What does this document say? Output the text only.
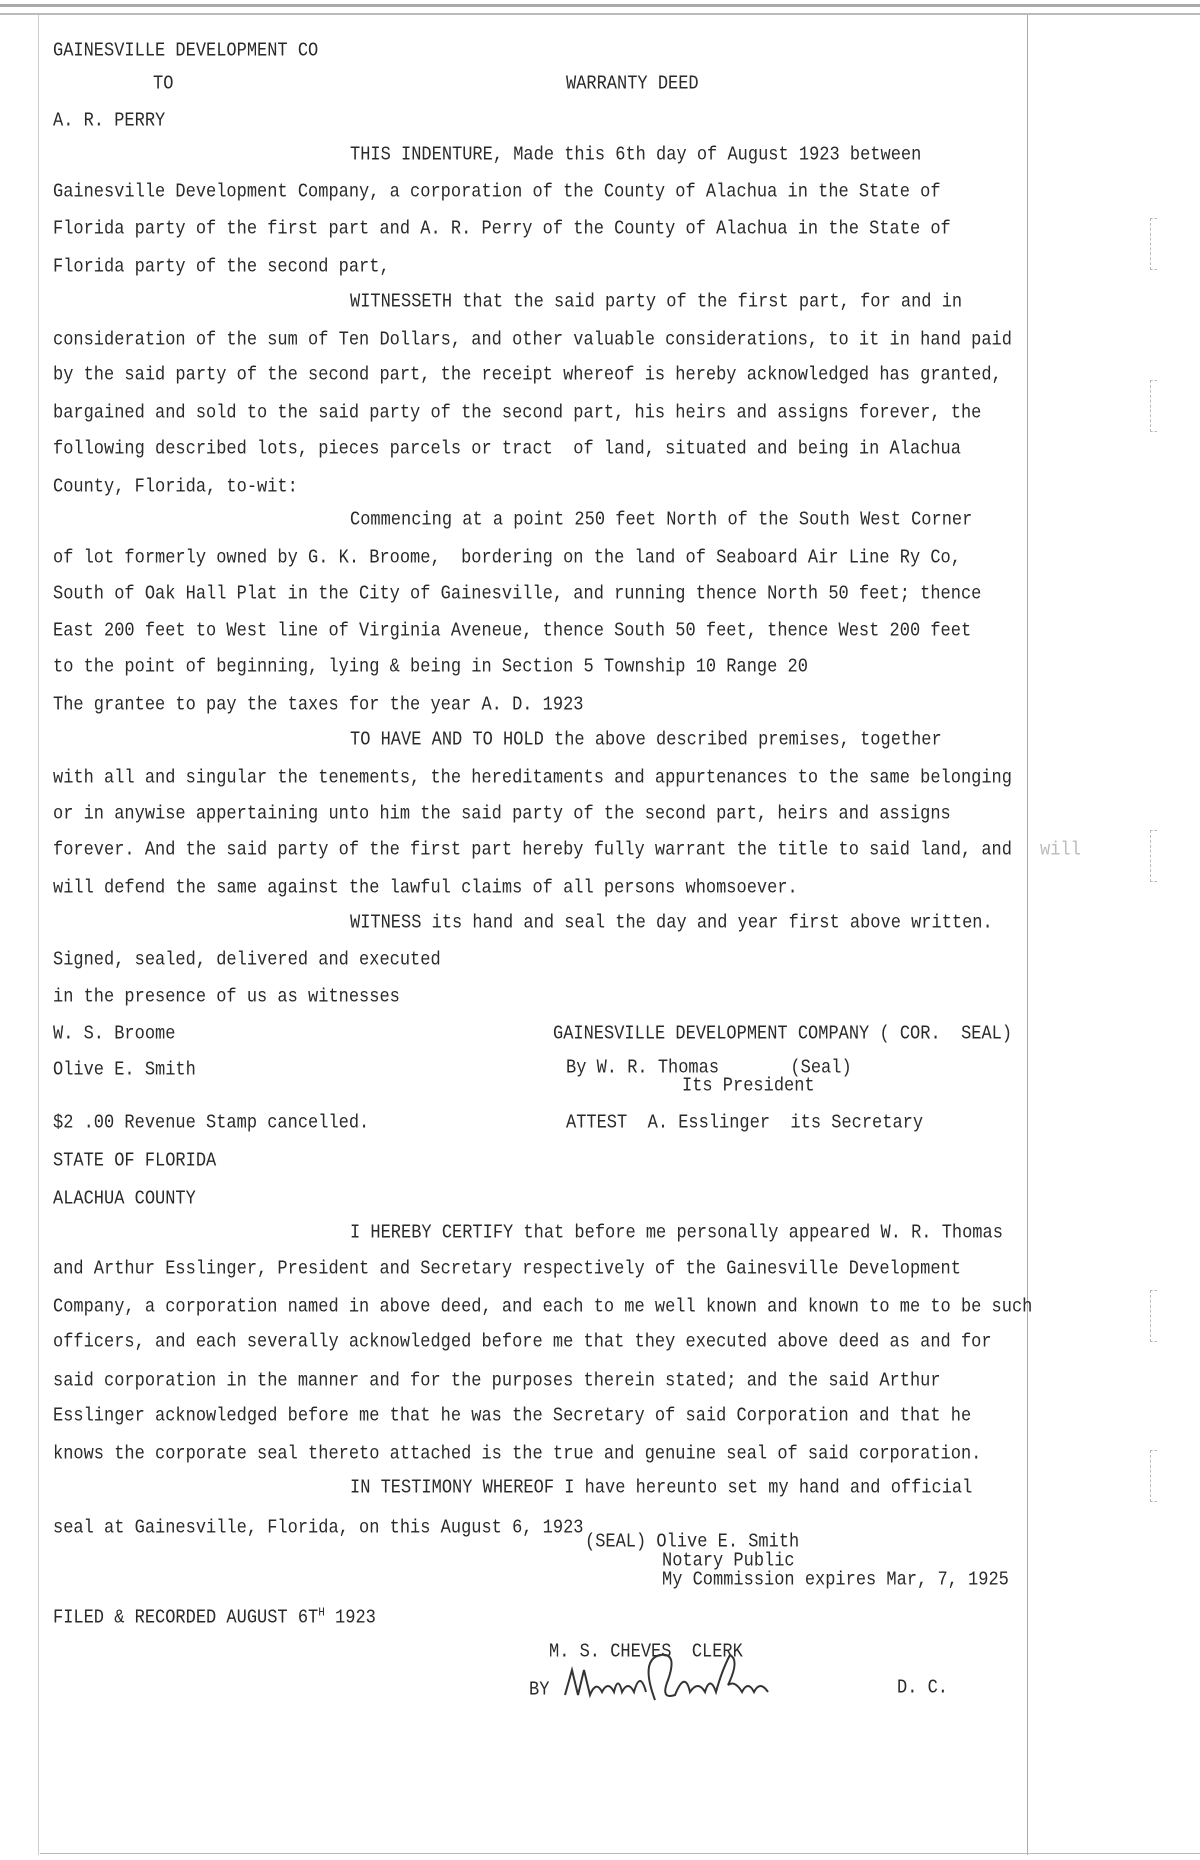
GAINESVILLE DEVELOPMENT CO
TO	WARRANTY DEED
A. R. PERRY
THIS INDENTURE, Made this 6th day of August 1923 between
Gainesville Development Company, a corporation of the County of Alachua in the State of
Florida party of the first part and A. R. Perry of the County of Alachua in the State of
Florida party of the second part,
WITNESSETH that the said party of the first part, for and in
consideration of the sum of Ten Dollars, and other valuable considerations, to it in hand paid
by the said party of the second part, the receipt whereof is hereby acknowledged has granted,
bargained and sold to the said party of the second part, his heirs and assigns forever, the
following described lots, pieces parcels or tract  of land, situated and being in Alachua
County, Florida, to-wit:
Commencing at a point 250 feet North of the South West Corner
of lot formerly owned by G. K. Broome,  bordering on the land of Seaboard Air Line Ry Co,
South of Oak Hall Plat in the City of Gainesville, and running thence North 50 feet; thence
East 200 feet to West line of Virginia Aveneue, thence South 50 feet, thence West 200 feet
to the point of beginning, lying & being in Section 5 Township 10 Range 20
The grantee to pay the taxes for the year A. D. 1923
TO HAVE AND TO HOLD the above described premises, together
with all and singular the tenements, the hereditaments and appurtenances to the same belonging
or in anywise appertaining unto him the said party of the second part, heirs and assigns
forever. And the said party of the first part hereby fully warrant the title to said land, and will
will defend the same against the lawful claims of all persons whomsoever.
WITNESS its hand and seal the day and year first above written.
Signed, sealed, delivered and executed
in the presence of us as witnesses
W. S. Broome
Olive E. Smith
GAINESVILLE DEVELOPMENT COMPANY ( COR.  SEAL)
By W. R. Thomas       (Seal)
Its President
$2 .00 Revenue Stamp cancelled.	ATTEST  A. Esslinger  its Secretary
STATE OF FLORIDA
ALACHUA COUNTY
I HEREBY CERTIFY that before me personally appeared W. R. Thomas
and Arthur Esslinger, President and Secretary respectively of the Gainesville Development
Company, a corporation named in above deed, and each to me well known and known to me to be such
officers, and each severally acknowledged before me that they executed above deed as and for
said corporation in the manner and for the purposes therein stated; and the said Arthur
Esslinger acknowledged before me that he was the Secretary of said Corporation and that he
knows the corporate seal thereto attached is the true and genuine seal of said corporation.
IN TESTIMONY WHEREOF I have hereunto set my hand and official
seal at Gainesville, Florida, on this August 6, 1923
(SEAL) Olive E. Smith
Notary Public
My Commission expires Mar, 7, 1925
FILED & RECORDED AUGUST $6T^H$ 1923
M. S. CHEVES  CLERK
BY	D. C.
